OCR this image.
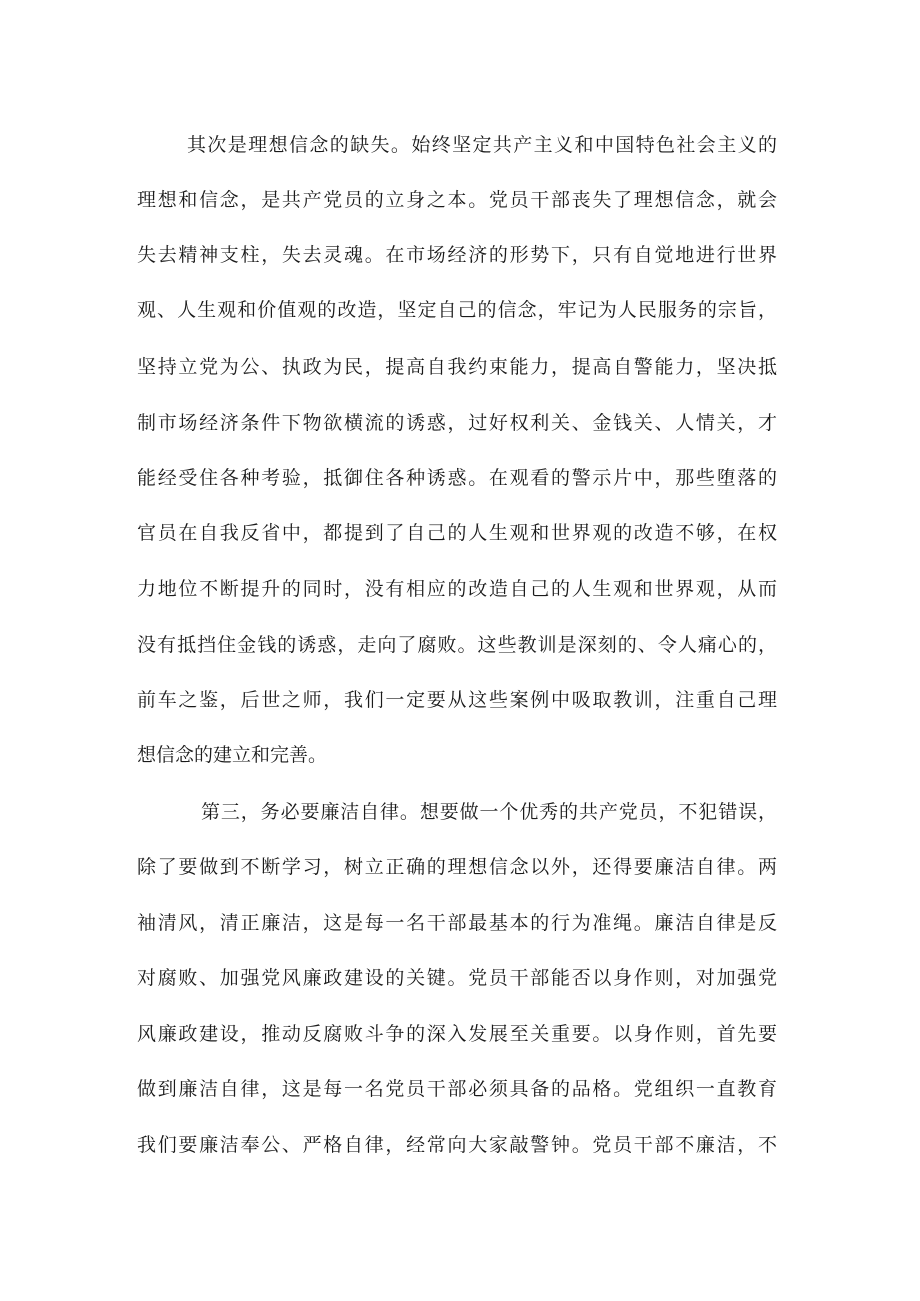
其次是理想信念的缺失。始终坚定共产主义和中国特色社会主义的
理想和信念，是共产党员的立身之本。党员干部丧失了理想信念，就会
失去精神支柱，失去灵魂。在市场经济的形势下，只有自觉地进行世界
观、人生观和价值观的改造，坚定自己的信念，牢记为人民服务的宗旨，
坚持立党为公、执政为民，提高自我约束能力，提高自警能力，坚决抵
制市场经济条件下物欲横流的诱惑，过好权利关、金钱关、人情关，才
能经受住各种考验，抵御住各种诱惑。在观看的警示片中，那些堕落的
官员在自我反省中，都提到了自己的人生观和世界观的改造不够，在权
力地位不断提升的同时，没有相应的改造自己的人生观和世界观，从而
没有抵挡住金钱的诱惑，走向了腐败。这些教训是深刻的、令人痛心的，
前车之鉴，后世之师，我们一定要从这些案例中吸取教训，注重自己理
想信念的建立和完善。
第三，务必要廉洁自律。想要做一个优秀的共产党员，不犯错误，
除了要做到不断学习，树立正确的理想信念以外，还得要廉洁自律。两
袖清风，清正廉洁，这是每一名干部最基本的行为准绳。廉洁自律是反
对腐败、加强党风廉政建设的关键。党员干部能否以身作则，对加强党
风廉政建设，推动反腐败斗争的深入发展至关重要。以身作则，首先要
做到廉洁自律，这是每一名党员干部必须具备的品格。党组织一直教育
我们要廉洁奉公、严格自律，经常向大家敲警钟。党员干部不廉洁，不
